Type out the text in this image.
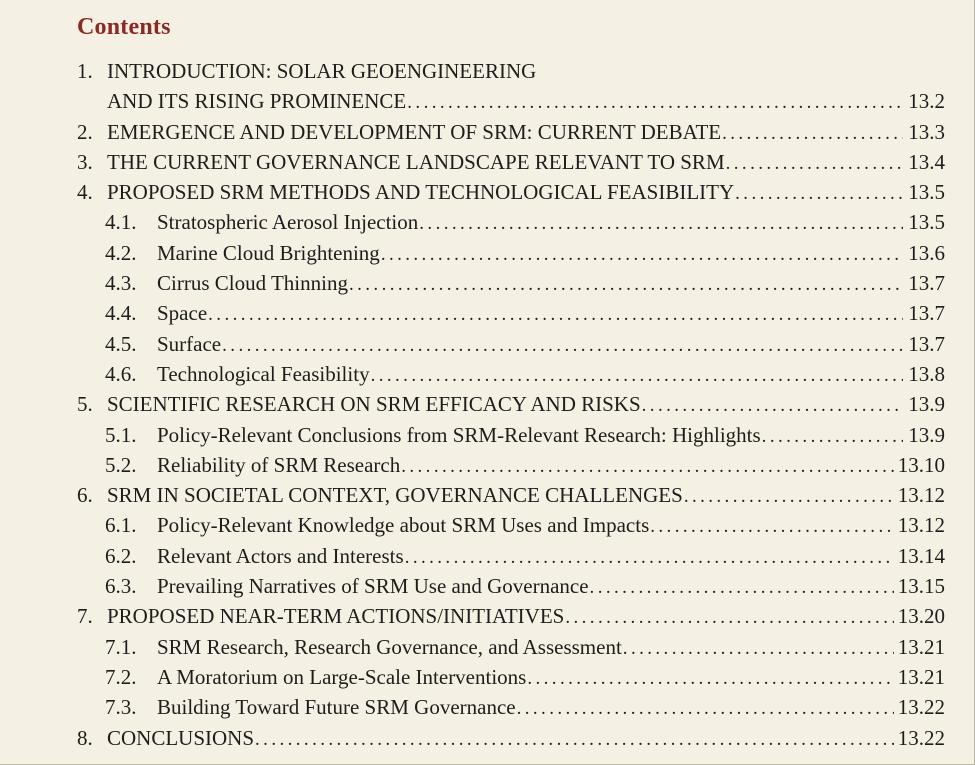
Contents
1. INTRODUCTION: SOLAR GEOENGINEERING
AND ITS RISING PROMINENCE .....	13.2
2. EMERGENCE AND DEVELOPMENT OF SRM: CURRENT DEBATE .....	13.3
3. THE CURRENT GOVERNANCE LANDSCAPE RELEVANT TO SRM .....	13.4
4. PROPOSED SRM METHODS AND TECHNOLOGICAL FEASIBILITY .....	13.5
4.1. Stratospheric Aerosol Injection .....	13.5
4.2. Marine Cloud Brightening .....	13.6
4.3. Cirrus Cloud Thinning .....	13.7
4.4. Space .....	13.7
4.5. Surface .....	13.7
4.6. Technological Feasibility .....	13.8
5. SCIENTIFIC RESEARCH ON SRM EFFICACY AND RISKS .....	13.9
5.1. Policy-Relevant Conclusions from SRM-Relevant Research: Highlights .....	13.9
5.2. Reliability of SRM Research .....	13.10
6. SRM IN SOCIETAL CONTEXT, GOVERNANCE CHALLENGES .....	13.12
6.1. Policy-Relevant Knowledge about SRM Uses and Impacts .....	13.12
6.2. Relevant Actors and Interests .....	13.14
6.3. Prevailing Narratives of SRM Use and Governance .....	13.15
7. PROPOSED NEAR-TERM ACTIONS/INITIATIVES .....	13.20
7.1. SRM Research, Research Governance, and Assessment .....	13.21
7.2. A Moratorium on Large-Scale Interventions .....	13.21
7.3. Building Toward Future SRM Governance .....	13.22
8. CONCLUSIONS .....	13.22
